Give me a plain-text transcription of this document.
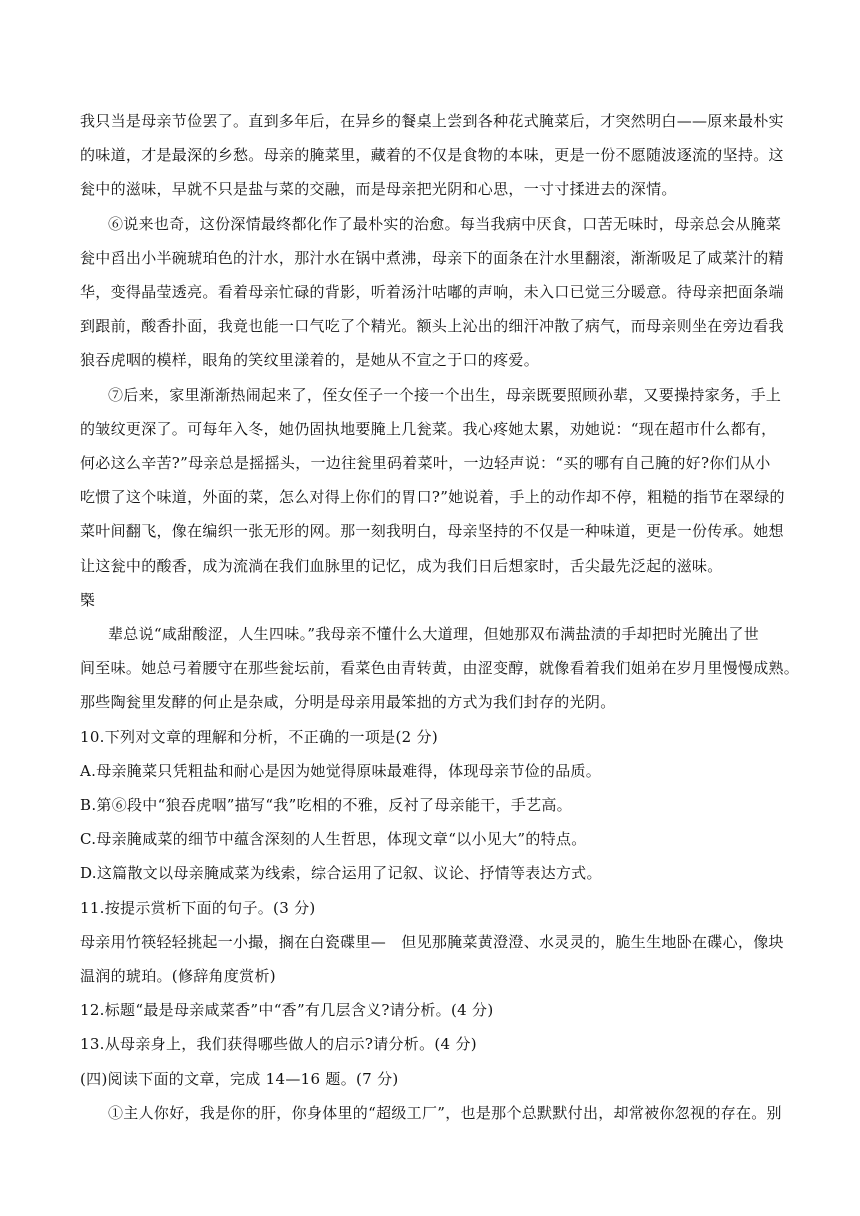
我只当是母亲节俭罢了。直到多年后，在异乡的餐桌上尝到各种花式腌菜后，才突然明白——原来最朴实
的味道，才是最深的乡愁。母亲的腌菜里，藏着的不仅是食物的本味，更是一份不愿随波逐流的坚持。这
瓮中的滋味，早就不只是盐与菜的交融，而是母亲把光阴和心思，一寸寸揉进去的深情。
⑥说来也奇，这份深情最终都化作了最朴实的治愈。每当我病中厌食，口苦无味时，母亲总会从腌菜
瓮中舀出小半碗琥珀色的汁水，那汁水在锅中煮沸，母亲下的面条在汁水里翻滚，渐渐吸足了咸菜汁的精
华，变得晶莹透亮。看着母亲忙碌的背影，听着汤汁咕嘟的声响，未入口已觉三分暖意。待母亲把面条端
到跟前，酸香扑面，我竟也能一口气吃了个精光。额头上沁出的细汗冲散了病气，而母亲则坐在旁边看我
狼吞虎咽的模样，眼角的笑纹里漾着的，是她从不宣之于口的疼爱。
⑦后来，家里渐渐热闹起来了，侄女侄子一个接一个出生，母亲既要照顾孙辈，又要操持家务，手上
的皱纹更深了。可每年入冬，她仍固执地要腌上几瓮菜。我心疼她太累，劝她说：“现在超市什么都有，
何必这么辛苦?”母亲总是摇摇头，一边往瓮里码着菜叶，一边轻声说：“买的哪有自己腌的好?你们从小
吃惯了这个味道，外面的菜，怎么对得上你们的胃口?”她说着，手上的动作却不停，粗糙的指节在翠绿的
菜叶间翻飞，像在编织一张无形的网。那一刻我明白，母亲坚持的不仅是一种味道，更是一份传承。她想
让这瓮中的酸香，成为流淌在我们血脉里的记忆，成为我们日后想家时，舌尖最先泛起的滋味。
㮣
辈总说“咸甜酸涩，人生四味。”我母亲不懂什么大道理，但她那双布满盐渍的手却把时光腌出了世
间至味。她总弓着腰守在那些瓮坛前，看菜色由青转黄，由涩变醇，就像看着我们姐弟在岁月里慢慢成熟。
那些陶瓮里发酵的何止是杂咸，分明是母亲用最笨拙的方式为我们封存的光阴。
10.下列对文章的理解和分析，不正确的一项是(2 分)
A.母亲腌菜只凭粗盐和耐心是因为她觉得原味最难得，体现母亲节俭的品质。
B.第⑥段中“狼吞虎咽”描写“我”吃相的不雅，反衬了母亲能干，手艺高。
C.母亲腌咸菜的细节中蕴含深刻的人生哲思，体现文章“以小见大”的特点。
D.这篇散文以母亲腌咸菜为线索，综合运用了记叙、议论、抒情等表达方式。
11.按提示赏析下面的句子。(3 分)
母亲用竹筷轻轻挑起一小撮，搁在白瓷碟里—　但见那腌菜黄澄澄、水灵灵的，脆生生地卧在碟心，像块
温润的琥珀。(修辞角度赏析)
12.标题“最是母亲咸菜香”中“香”有几层含义?请分析。(4 分)
13.从母亲身上，我们获得哪些做人的启示?请分析。(4 分)
(四)阅读下面的文章，完成 14—16 题。(7 分)
①主人你好，我是你的肝，你身体里的“超级工厂”，也是那个总默默付出，却常被你忽视的存在。别
